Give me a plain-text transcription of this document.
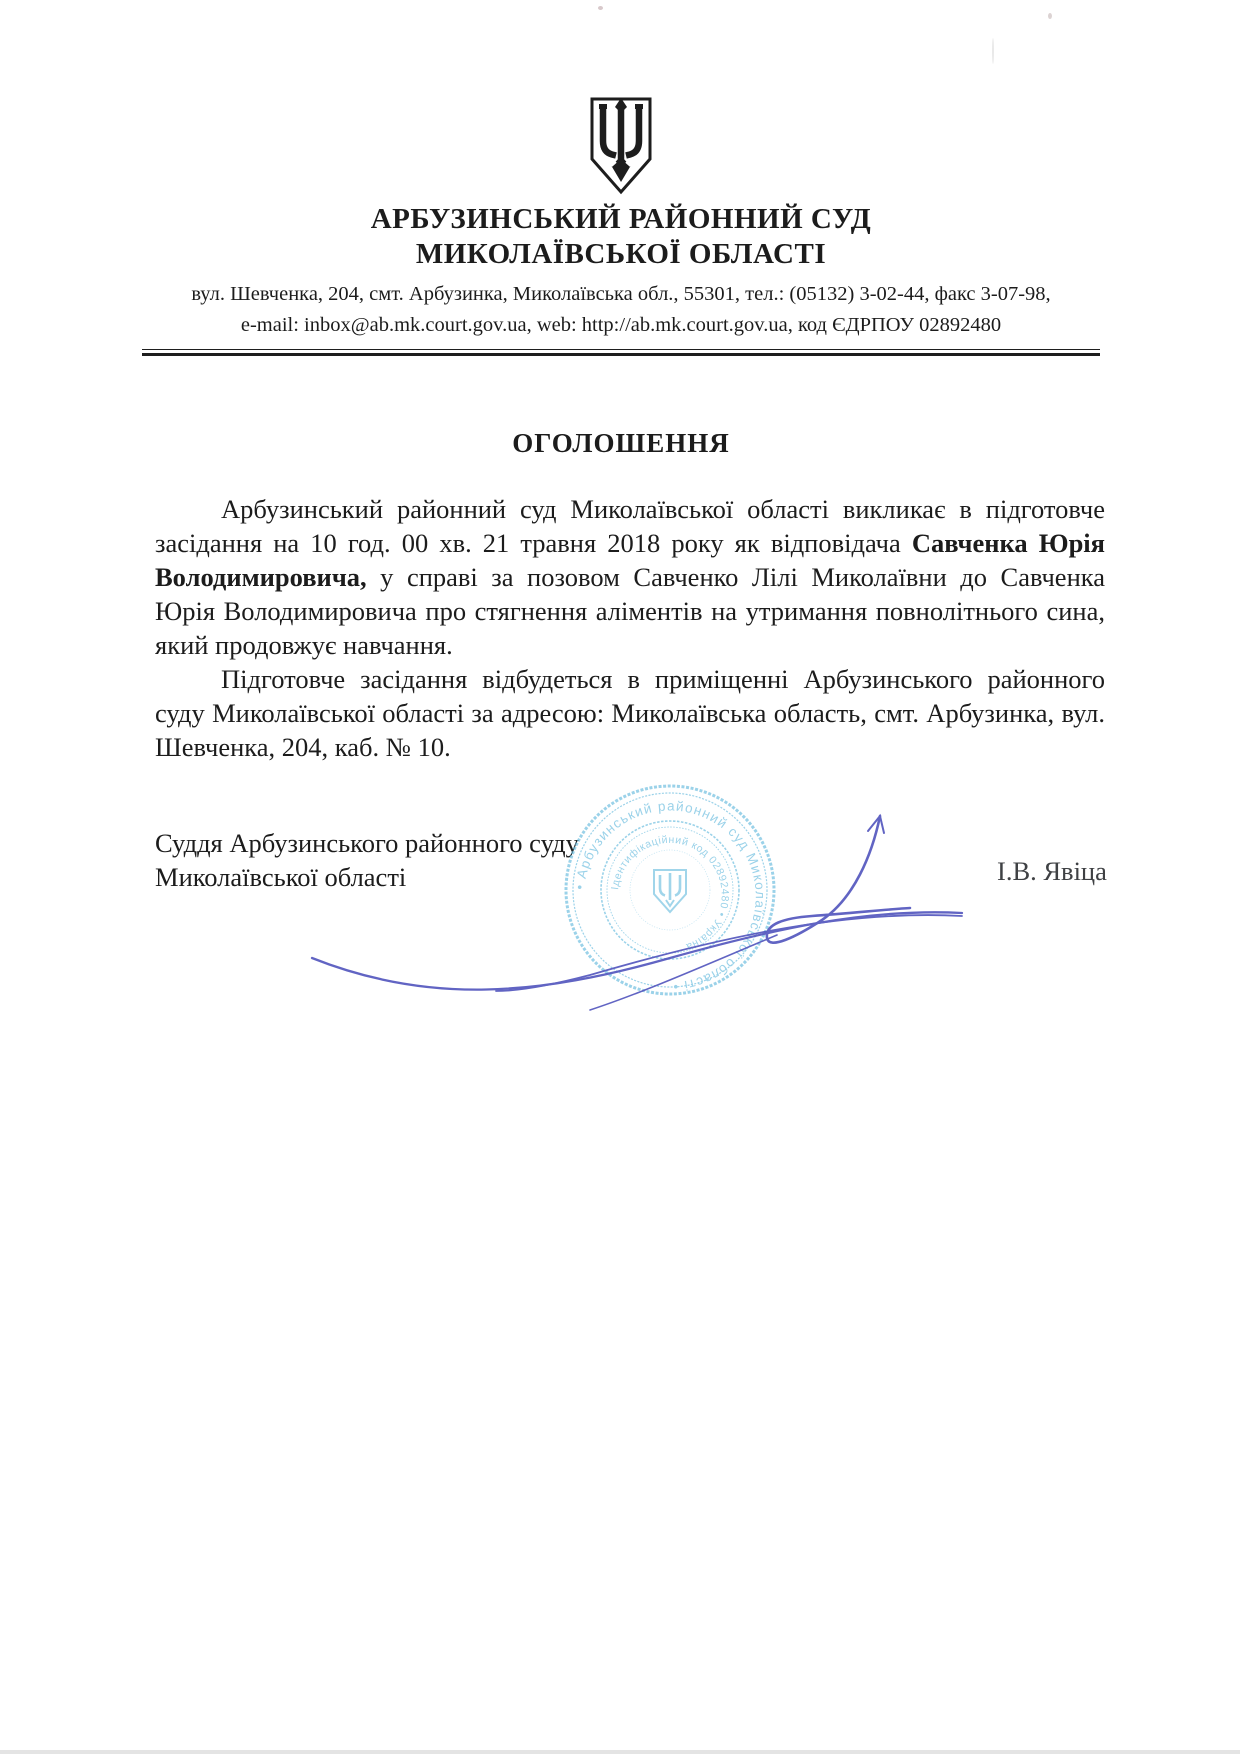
АРБУЗИНСЬКИЙ РАЙОННИЙ СУД

МИКОЛАЇВСЬКОЇ ОБЛАСТІ

вул. Шевченка, 204, смт. Арбузинка, Миколаївська обл., 55301, тел.: (05132) 3-02-44, факс 3-07-98,

e-mail: inbox@ab.mk.court.gov.ua, web: http://ab.mk.court.gov.ua, код ЄДРПОУ 02892480

ОГОЛОШЕННЯ

Арбузинський районний суд Миколаївської області викликає в підготовче засідання на 10 год. 00 хв. 21 травня 2018 року як відповідача Савченка Юрія Володимировича, у справі за позовом Савченко Лілі Миколаївни до Савченка Юрія Володимировича про стягнення аліментів на утримання повнолітнього сина, який продовжує навчання.

Підготовче засідання відбудеться в приміщенні Арбузинського районного суду Миколаївської області за адресою: Миколаївська область, смт. Арбузинка, вул. Шевченка, 204, каб. № 10.

Суддя Арбузинського районного суду
Миколаївської області	І.В. Явіца
• Арбузинський районний суд Миколаївської області •
Ідентифікаційний код 02892480 • Україна
